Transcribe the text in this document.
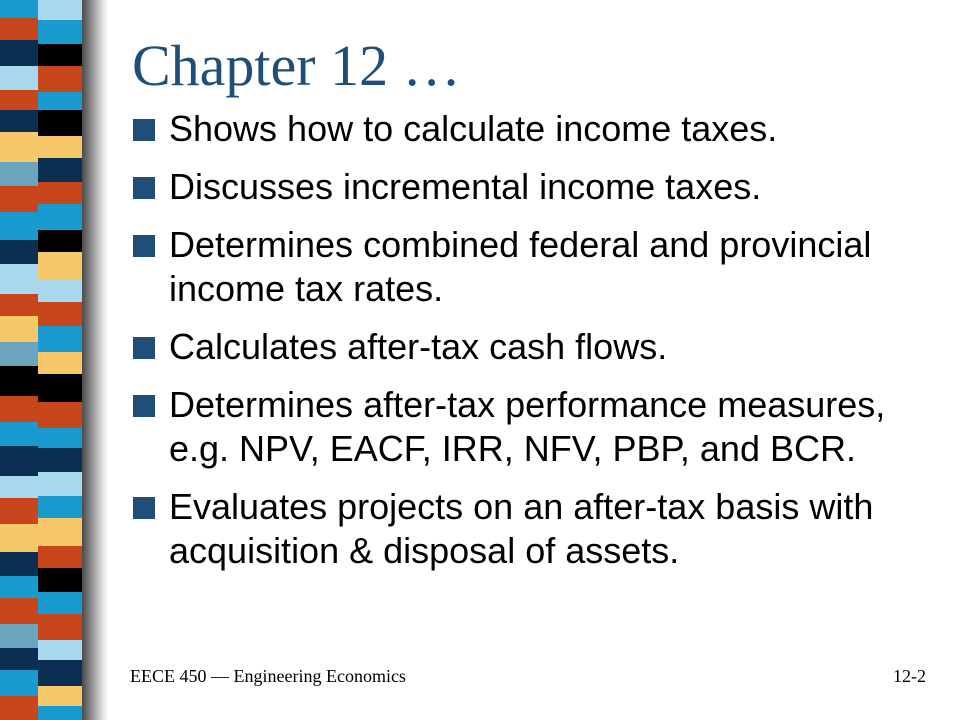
Chapter 12 …
Shows how to calculate income taxes.
Discusses incremental income taxes.
Determines combined federal and provincial income tax rates.
Calculates after-tax cash flows.
Determines after-tax performance measures, e.g. NPV, EACF, IRR, NFV, PBP, and BCR.
Evaluates projects on an after-tax basis with acquisition & disposal of assets.
EECE 450 — Engineering Economics	12-2
